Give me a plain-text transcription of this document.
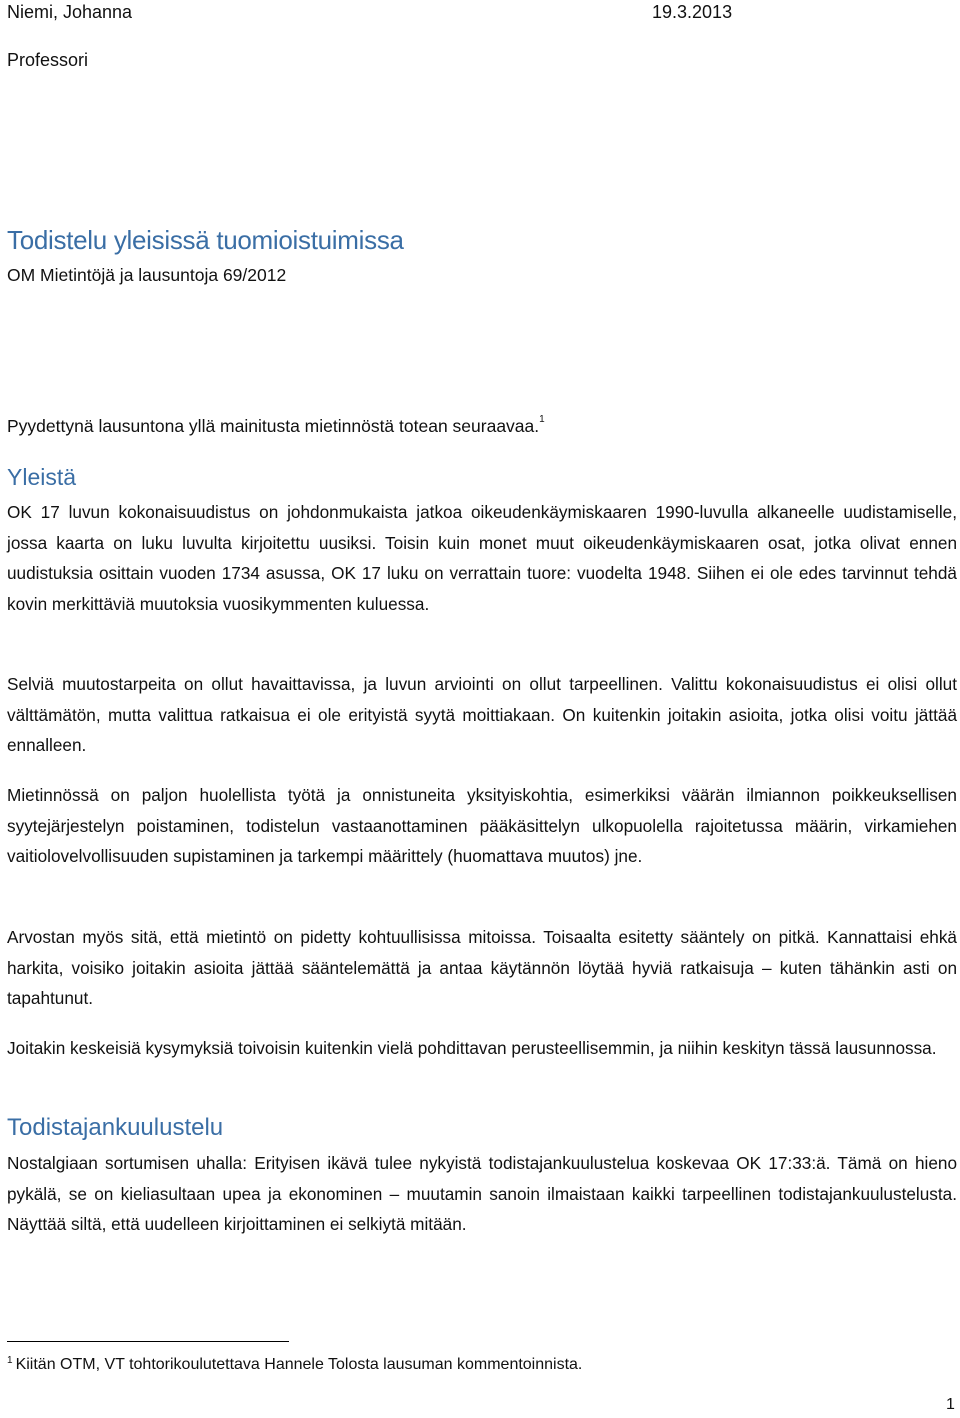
Niemi, Johanna	19.3.2013
Professori
Todistelu yleisissä tuomioistuimissa
OM Mietintöjä ja lausuntoja 69/2012
Pyydettynä lausuntona yllä mainitusta mietinnöstä totean seuraavaa.$^1$
Yleistä

OK 17 luvun kokonaisuudistus on johdonmukaista jatkoa oikeudenkäymiskaaren 1990-luvulla alkaneelle uudistamiselle, jossa kaarta on luku luvulta kirjoitettu uusiksi. Toisin kuin monet muut oikeudenkäymiskaaren osat, jotka olivat ennen uudistuksia osittain vuoden 1734 asussa, OK 17 luku on verrattain tuore: vuodelta 1948. Siihen ei ole edes tarvinnut tehdä kovin merkittäviä muutoksia vuosikymmenten kuluessa.

Selviä muutostarpeita on ollut havaittavissa, ja luvun arviointi on ollut tarpeellinen. Valittu kokonaisuudistus ei olisi ollut välttämätön, mutta valittua ratkaisua ei ole erityistä syytä moittiakaan. On kuitenkin joitakin asioita, jotka olisi voitu jättää ennalleen.

Mietinnössä on paljon huolellista työtä ja onnistuneita yksityiskohtia, esimerkiksi väärän ilmiannon poikkeuksellisen syytejärjestelyn poistaminen, todistelun vastaanottaminen pääkäsittelyn ulkopuolella rajoitetussa määrin, virkamiehen vaitiolovelvollisuuden supistaminen ja tarkempi määrittely (huomattava muutos) jne.

Arvostan myös sitä, että mietintö on pidetty kohtuullisissa mitoissa. Toisaalta esitetty sääntely on pitkä. Kannattaisi ehkä harkita, voisiko joitakin asioita jättää sääntelemättä ja antaa käytännön löytää hyviä ratkaisuja – kuten tähänkin asti on tapahtunut.

Joitakin keskeisiä kysymyksiä toivoisin kuitenkin vielä pohdittavan perusteellisemmin, ja niihin keskityn tässä lausunnossa.

Todistajankuulustelu

Nostalgiaan sortumisen uhalla: Erityisen ikävä tulee nykyistä todistajankuulustelua koskevaa OK 17:33:ä. Tämä on hieno pykälä, se on kieliasultaan upea ja ekonominen – muutamin sanoin ilmaistaan kaikki tarpeellinen todistajankuulustelusta. Näyttää siltä, että uudelleen kirjoittaminen ei selkiytä mitään.

$^1$ Kiitän OTM, VT tohtorikoulutettava Hannele Tolosta lausuman kommentoinnista.
1
